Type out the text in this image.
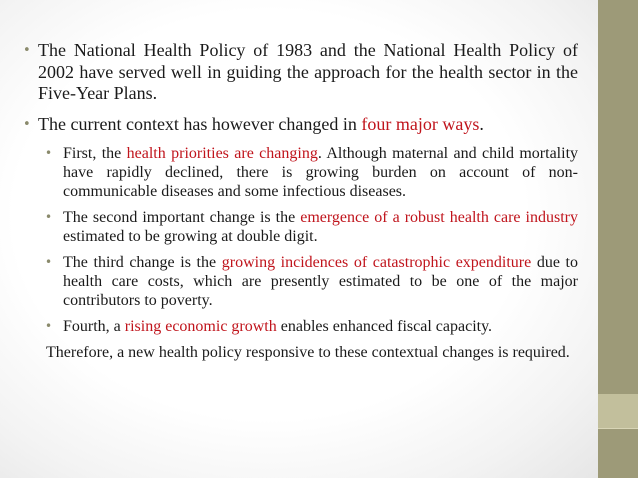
• The National Health Policy of 1983 and the National Health Policy of 2002 have served well in guiding the approach for the health sector in the Five-Year Plans.
• The current context has however changed in four major ways.
• First, the health priorities are changing. Although maternal and child mortality have rapidly declined, there is growing burden on account of non-communicable diseases and some infectious diseases.
• The second important change is the emergence of a robust health care industry estimated to be growing at double digit.
• The third change is the growing incidences of catastrophic expenditure due to health care costs, which are presently estimated to be one of the major contributors to poverty.
• Fourth, a rising economic growth enables enhanced fiscal capacity.
Therefore, a new health policy responsive to these contextual changes is required.
